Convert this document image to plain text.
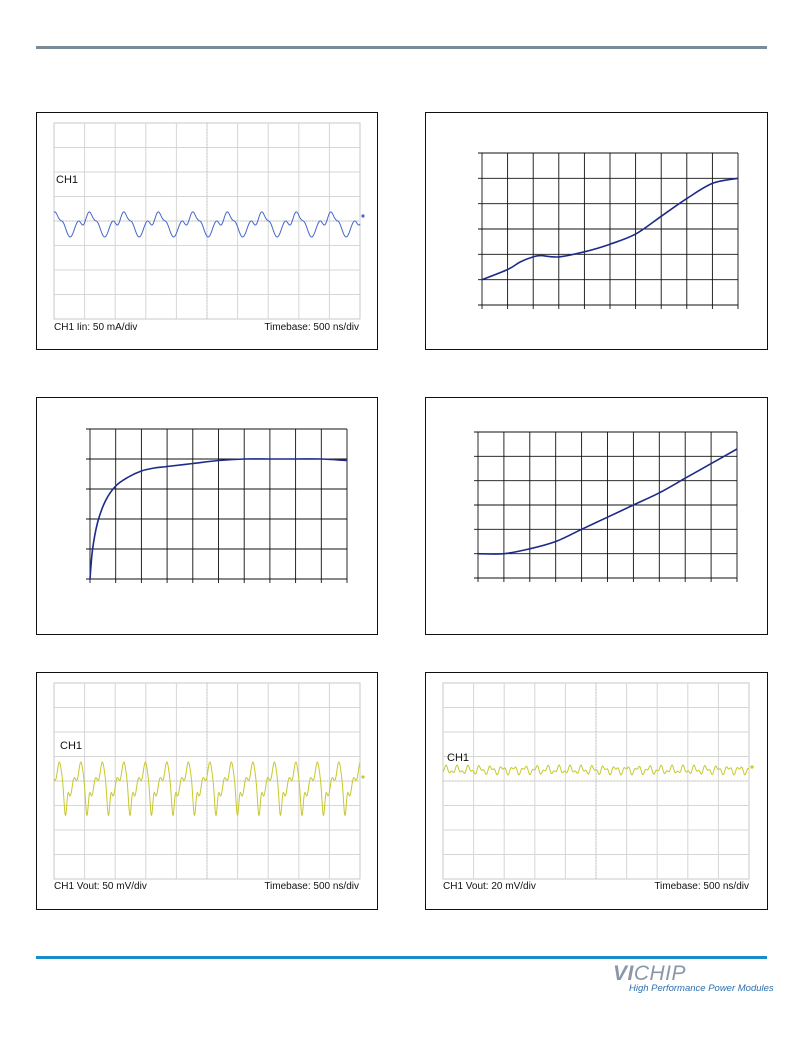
CH1
CH1 Iin: 50 mA/div	Timebase: 500 ns/div
CH1
CH1 Vout: 50 mV/div	Timebase: 500 ns/div
CH1
CH1 Vout: 20 mV/div	Timebase: 500 ns/div
VICHIP
High Performance Power Modules
